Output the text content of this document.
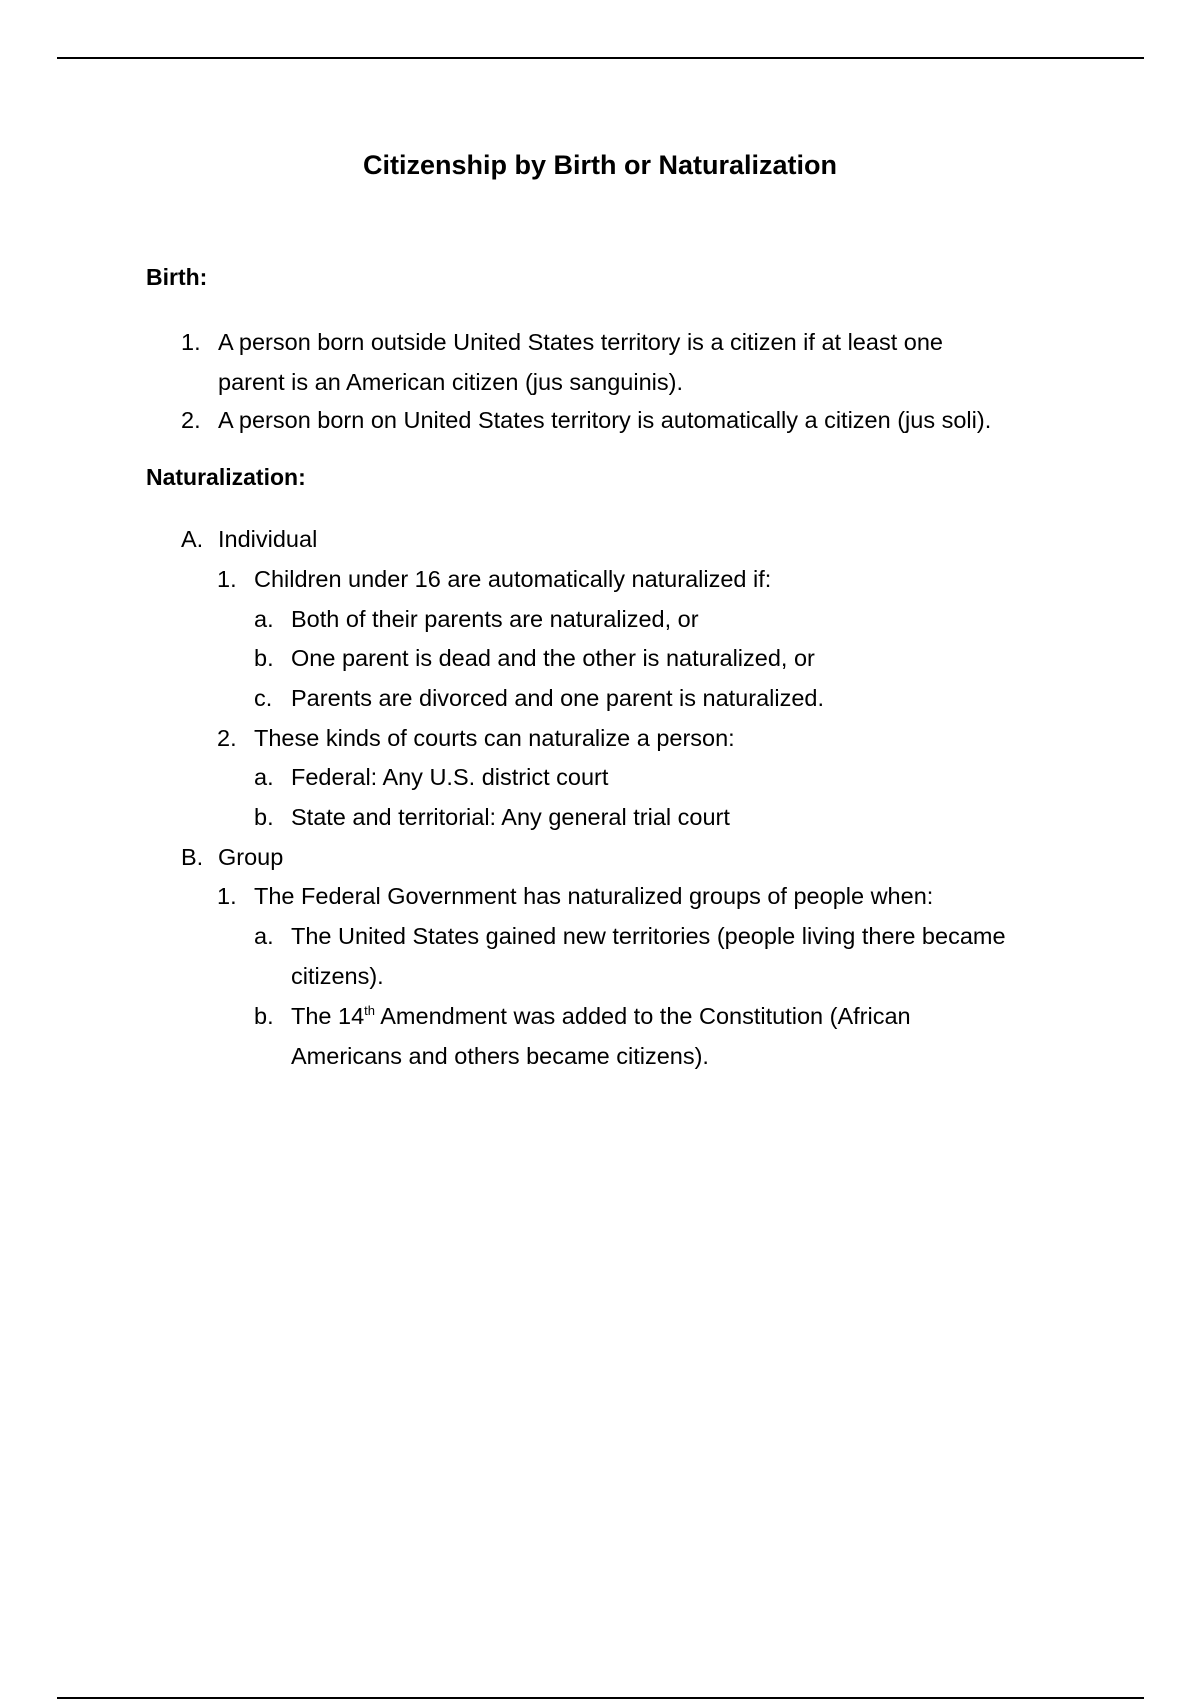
Citizenship by Birth or Naturalization
Birth:
1. A person born outside United States territory is a citizen if at least one
parent is an American citizen (jus sanguinis).
2. A person born on United States territory is automatically a citizen (jus soli).
Naturalization:
A. Individual
1. Children under 16 are automatically naturalized if:
a. Both of their parents are naturalized, or
b. One parent is dead and the other is naturalized, or
c. Parents are divorced and one parent is naturalized.
2. These kinds of courts can naturalize a person:
a. Federal: Any U.S. district court
b. State and territorial: Any general trial court
B. Group
1. The Federal Government has naturalized groups of people when:
a. The United States gained new territories (people living there became
citizens).
b. The 14th Amendment was added to the Constitution (African
Americans and others became citizens).
